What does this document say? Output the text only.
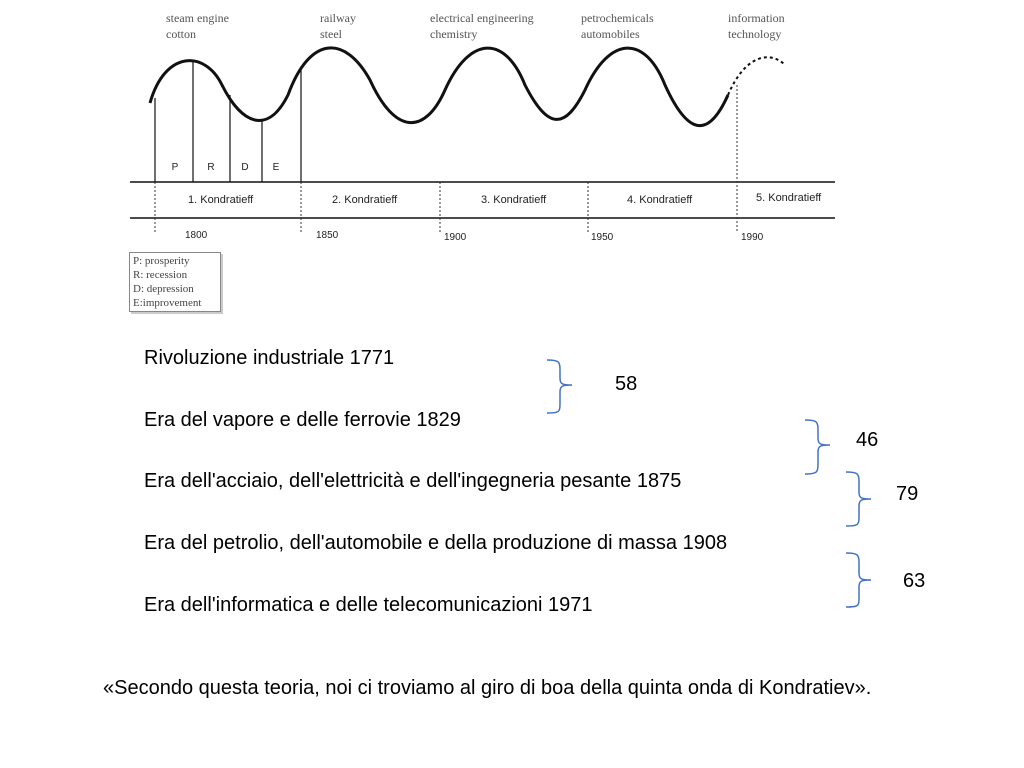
steam engine
cotton
railway
steel
electrical engineering
chemistry
petrochemicals
automobiles
information
technology
P	R	D	E
1. Kondratieff	2. Kondratieff	3. Kondratieff	4. Kondratieff	5. Kondratieff
1800	1850	1900	1950	1990
P: prosperity
R: recession
D: depression
E:improvement
Rivoluzione industriale 1771
Era del vapore e delle ferrovie 1829
Era dell'acciaio, dell'elettricità e dell'ingegneria pesante 1875
Era del petrolio, dell'automobile e della produzione di massa 1908
Era dell'informatica e delle telecomunicazioni 1971
58
46
79
63
«Secondo questa teoria, noi ci troviamo al giro di boa della quinta onda di Kondratiev».
